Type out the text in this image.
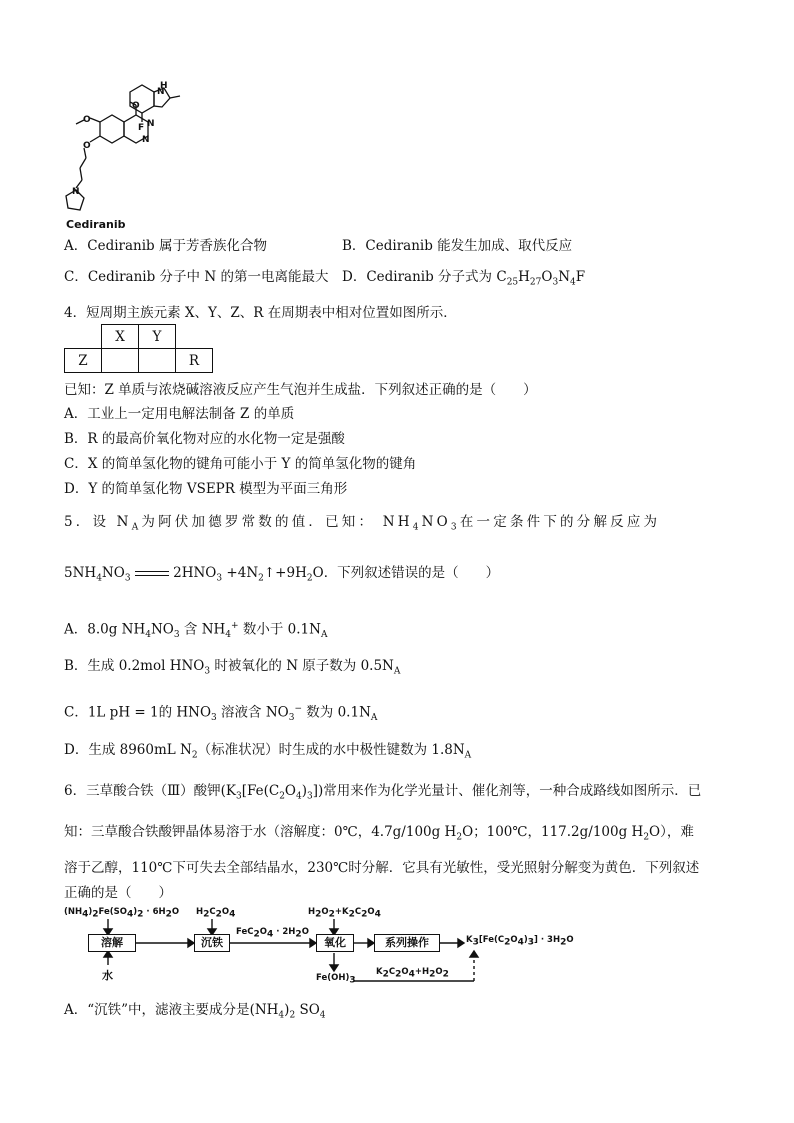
O
O
O
F N
N
H
N
N
Cediranib
A．Cediranib 属于芳香族化合物	B．Cediranib 能发生加成、取代反应
C．Cediranib 分子中 N 的第一电离能最大 D．Cediranib 分子式为 $C_{25}H_{27}O_3N_4F$
4．短周期主族元素 X、Y、Z、R 在周期表中相对位置如图所示．
	X	Y	
Z			R
已知：Z 单质与浓烧碱溶液反应产生气泡并生成盐．下列叙述正确的是（　　）
A．工业上一定用电解法制备 Z 的单质
B．R 的最高价氧化物对应的水化物一定是强酸
C．X 的简单氢化物的键角可能小于 Y 的简单氢化物的键角
D．Y 的简单氢化物 VSEPR 模型为平面三角形
5．设 $N_A$为阿伏加德罗常数的值．已知： $NH_4NO_3$在一定条件下的分解反应为
$5NH_4NO_3$	$2HNO_3$ $+4N_2↑+9H_2O$．下列叙述错误的是（　　）
A．8.0g $NH_4NO_3$ 含 $NH_4^+$ 数小于 $0.1N_A$
B．生成 0.2mol $HNO_3$ 时被氧化的 N 原子数为 $0.5N_A$
C．1L pH = 1的 $HNO_3$ 溶液含 $NO_3^-$ 数为 $0.1N_A$
D．生成 8960mL $N_2$（标准状况）时生成的水中极性键数为 $1.8N_A$
6．三草酸合铁（Ⅲ）酸钾$(K_3[Fe(C_2O_4)_3])$常用来作为化学光量计、催化剂等，一种合成路线如图所示．已
知：三草酸合铁酸钾晶体易溶于水（溶解度：0℃，4.7g/100g $H_2O$；100℃，117.2g/100g $H_2O$），难
溶于乙醇，110℃下可失去全部结晶水，230℃时分解．它具有光敏性，受光照射分解变为黄色．下列叙述
正确的是（　　）
(NH4)2Fe(SO4)2 · 6H2O
溶解
水
H2C2O4
沉铁
FeC2O4 · 2H2O
H2O2+K2C2O4
氧化	系列操作	K3[Fe(C2O4)3] · 3H2O
Fe(OH)3
K2C2O4+H2O2
A．“沉铁”中，滤液主要成分是$(NH_4)_2$ $SO_4$
